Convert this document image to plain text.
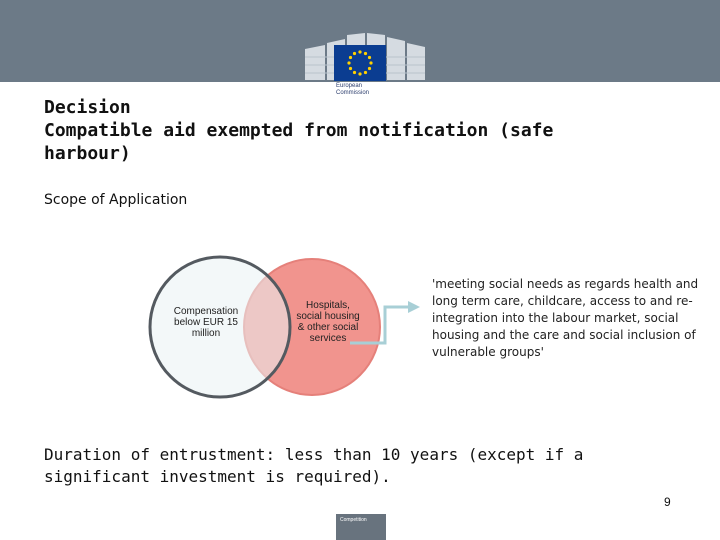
European
Commission
Decision
Compatible aid exempted from notification (safe
harbour)
Scope of Application
Compensation
below EUR 15
million
Hospitals,
social housing
& other social
services
'meeting social needs as regards health and long term care, childcare, access to and re-integration into the labour market, social housing and the care and social inclusion of vulnerable groups'
Duration of entrustment: less than 10 years (except if a significant investment is required).
9
Competition
